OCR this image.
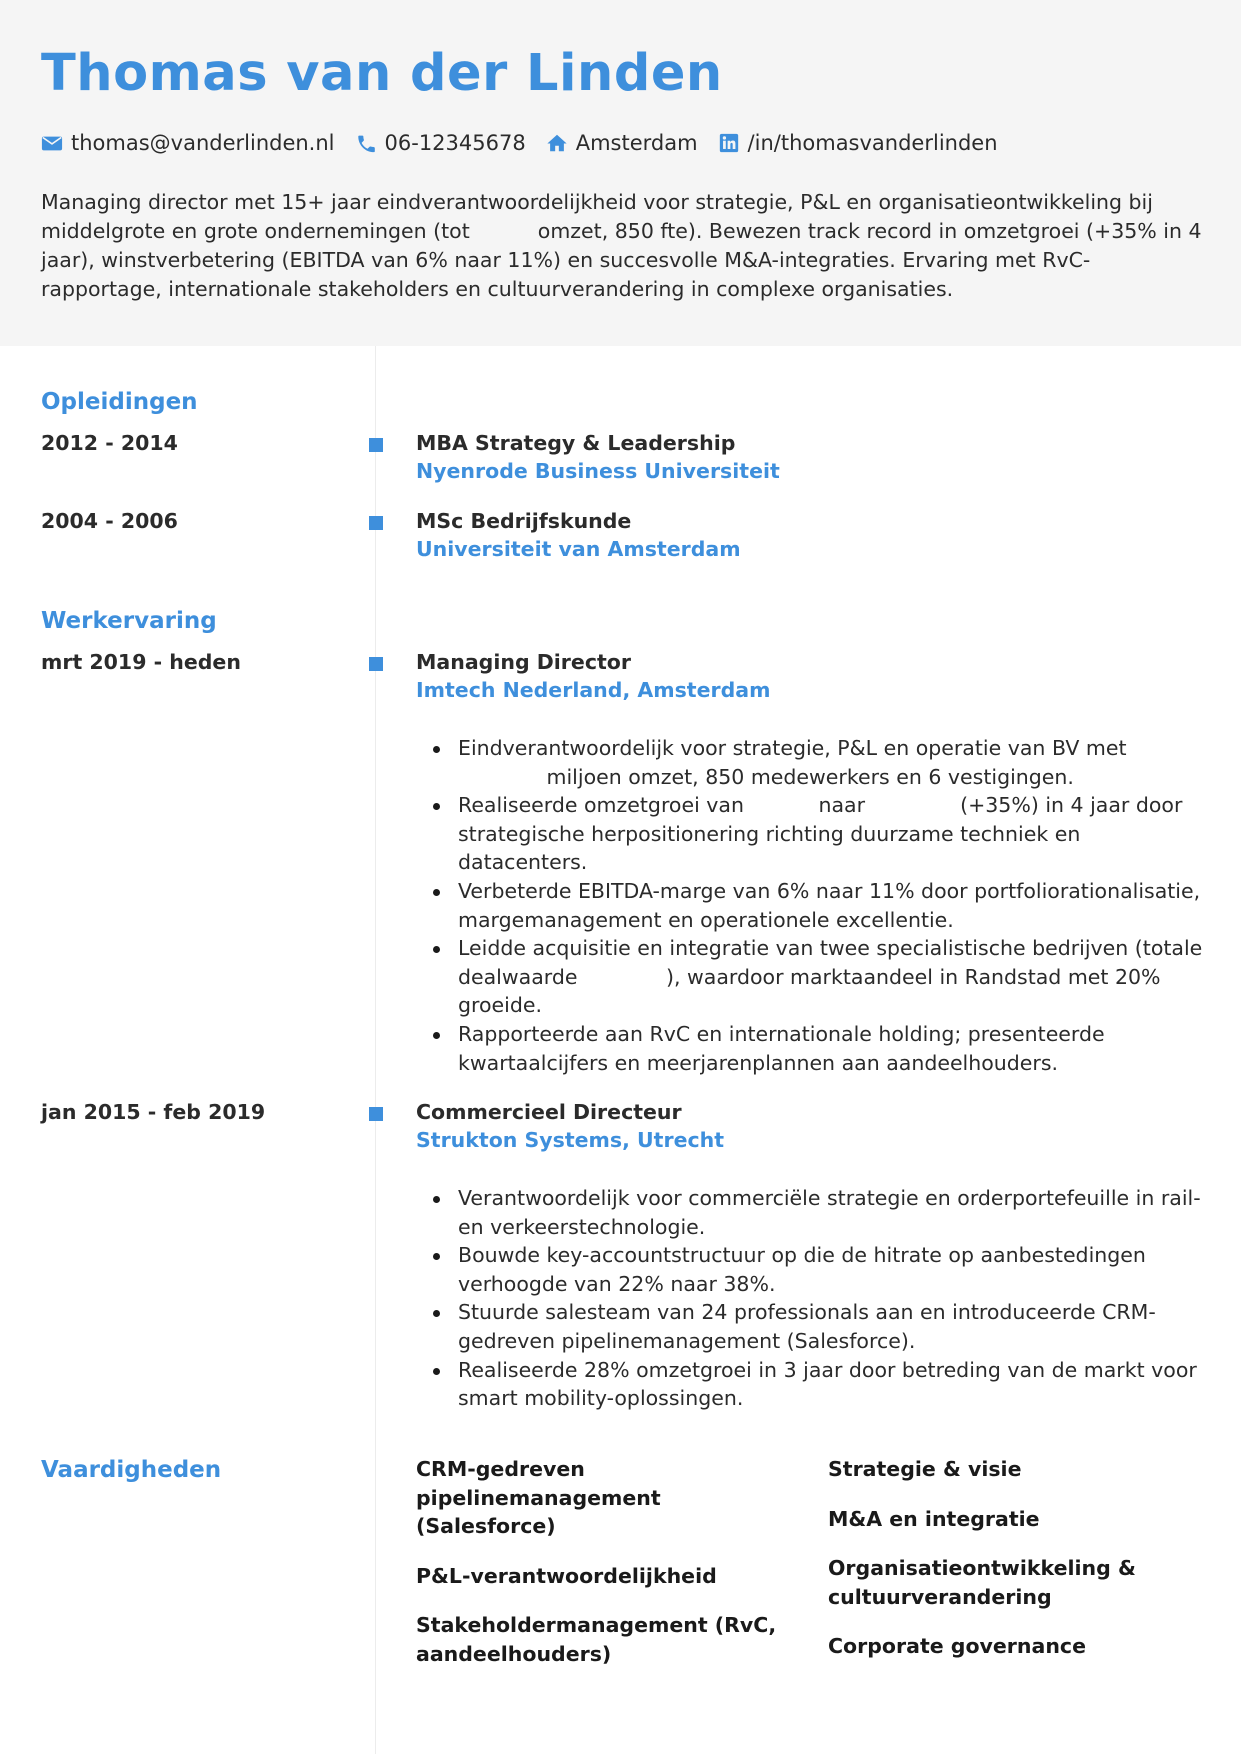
Thomas van der Linden
thomas@vanderlinden.nl 06-12345678 Amsterdam /in/thomasvanderlinden

Managing director met 15+ jaar eindverantwoordelijkheid voor strategie, P&L en organisatieontwikkeling bij middelgrote en grote ondernemingen (tot    omzet, 850 fte). Bewezen track record in omzetgroei (+35% in 4 jaar), winstverbetering (EBITDA van 6% naar 11%) en succesvolle M&A-integraties. Ervaring met RvC-rapportage, internationale stakeholders en cultuurverandering in complexe organisaties.

Opleidingen
2012 - 2014	MBA Strategy & Leadership
Nyenrode Business Universiteit
2004 - 2006	MSc Bedrijfskunde
Universiteit van Amsterdam
Werkervaring
mrt 2019 - heden	Managing Director
Imtech Nederland, Amsterdam
Eindverantwoordelijk voor strategie, P&L en operatie van BV met      miljoen omzet, 850 medewerkers en 6 vestigingen.
Realiseerde omzetgroei van     naar      (+35%) in 4 jaar door strategische herpositionering richting duurzame techniek en datacenters.
Verbeterde EBITDA-marge van 6% naar 11% door portfoliorationalisatie, margemanagement en operationele excellentie.
Leidde acquisitie en integratie van twee specialistische bedrijven (totale dealwaarde     ), waardoor marktaandeel in Randstad met 20% groeide.
Rapporteerde aan RvC en internationale holding; presenteerde kwartaalcijfers en meerjarenplannen aan aandeelhouders.
jan 2015 - feb 2019	Commercieel Directeur
Strukton Systems, Utrecht
Verantwoordelijk voor commerciële strategie en orderportefeuille in rail- en verkeerstechnologie.
Bouwde key-accountstructuur op die de hitrate op aanbestedingen verhoogde van 22% naar 38%.
Stuurde salesteam van 24 professionals aan en introduceerde CRM-gedreven pipelinemanagement (Salesforce).
Realiseerde 28% omzetgroei in 3 jaar door betreding van de markt voor smart mobility-oplossingen.
Vaardigheden	CRM-gedreven pipelinemanagement (Salesforce)
P&L-verantwoordelijkheid
Stakeholdermanagement (RvC, aandeelhouders)
Strategie & visie
M&A en integratie
Organisatieontwikkeling & cultuurverandering
Corporate governance
